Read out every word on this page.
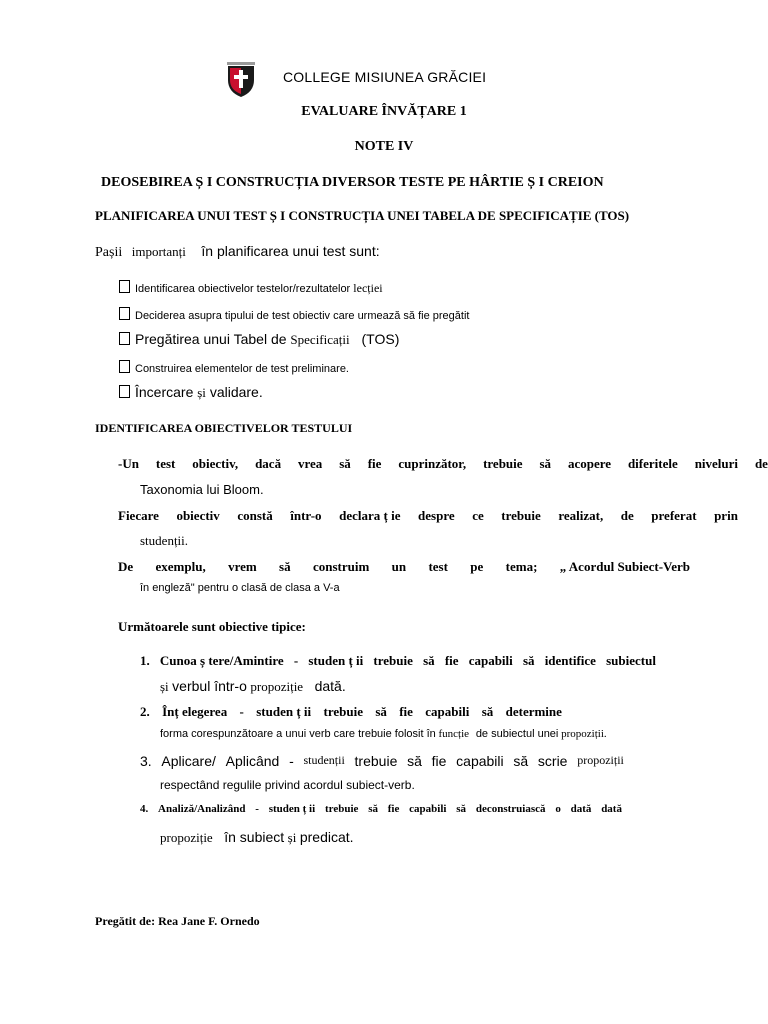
COLLEGE MISIUNEA GRĂCIEI
EVALUARE ÎNVĂȚARE 1
NOTE IV
DEOSEBIREA Ș I CONSTRUCȚIA DIVERSOR TESTE PE HÂRTIE Ș I CREION
PLANIFICAREA UNUI TEST Ș I CONSTRUCȚIA UNEI TABELA DE SPECIFICAȚIE (TOS)
Pașii importanți în planificarea unui test sunt:
Identificarea obiectivelor testelor/rezultatelor lecției
Deciderea asupra tipului de test obiectiv care urmează să fie pregătit
Pregătirea unui Tabel de Specificații (TOS)
Construirea elementelor de test preliminare.
Încercare și validare.
IDENTIFICAREA OBIECTIVELOR TESTULUI
-Un test obiectiv, dacă vrea să fie cuprinzător, trebuie să acopere diferitele niveluri de
Taxonomia lui Bloom.
Fiecare obiectiv constă într-o declara ț ie despre ce trebuie realizat, de preferat prin
studenții.
De exemplu, vrem să construim un test pe tema; „ Acordul Subiect-Verb
în engleză" pentru o clasă de clasa a V-a
Următoarele sunt obiective tipice:
1. Cunoa ș tere/Amintire - studen ț ii trebuie să fie capabili să identifice subiectul
și verbul într-o propoziție dată.
2. Înț elegerea - studen ț ii trebuie să fie capabili să determine
forma corespunzătoare a unui verb care trebuie folosit în funcție de subiectul unei propoziții.
3. Aplicare/ Aplicând - studenții trebuie să fie capabili să scrie propoziții
respectând regulile privind acordul subiect-verb.
4. Analiză/Analizând - studen ț ii trebuie să fie capabili să deconstruiască o dată dată
propoziție în subiect și predicat.
Pregătit de: Rea Jane F. Ornedo
